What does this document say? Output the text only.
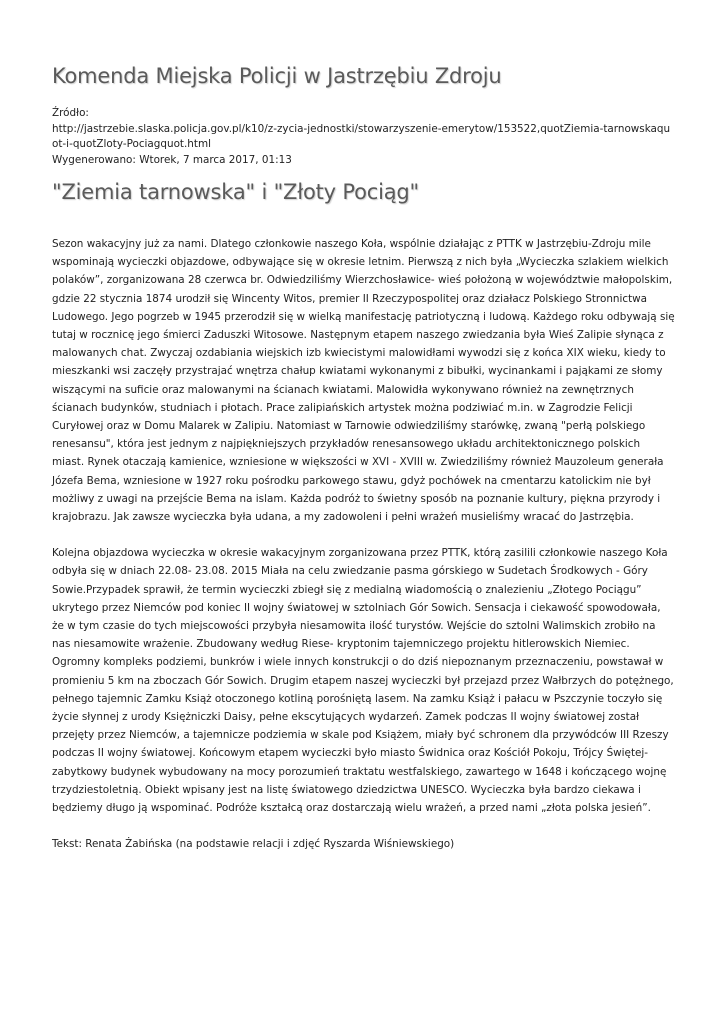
Komenda Miejska Policji w Jastrzębiu Zdroju
Źródło:
http://jastrzebie.slaska.policja.gov.pl/k10/z-zycia-jednostki/stowarzyszenie-emerytow/153522,quotZiemia-tarnowskaquot-i-quotZloty-Pociagquot.html
Wygenerowano: Wtorek, 7 marca 2017, 01:13
"Ziemia tarnowska" i "Złoty Pociąg"

Sezon wakacyjny już za nami. Dlatego członkowie naszego Koła, wspólnie działając z PTTK w Jastrzębiu-Zdroju mile wspominają wycieczki objazdowe, odbywające się w okresie letnim. Pierwszą z nich była „Wycieczka szlakiem wielkich polaków”, zorganizowana 28 czerwca br. Odwiedziliśmy Wierzchosławice- wieś położoną w województwie małopolskim, gdzie 22 stycznia 1874 urodził się Wincenty Witos, premier II Rzeczypospolitej oraz działacz Polskiego Stronnictwa Ludowego. Jego pogrzeb w 1945 przerodził się w wielką manifestację patriotyczną i ludową. Każdego roku odbywają się tutaj w rocznicę jego śmierci Zaduszki Witosowe. Następnym etapem naszego zwiedzania była Wieś Zalipie słynąca z malowanych chat. Zwyczaj ozdabiania wiejskich izb kwiecistymi malowidłami wywodzi się z końca XIX wieku, kiedy to mieszkanki wsi zaczęły przystrajać wnętrza chałup kwiatami wykonanymi z bibułki, wycinankami i pająkami ze słomy wiszącymi na suficie oraz malowanymi na ścianach kwiatami. Malowidła wykonywano również na zewnętrznych ścianach budynków, studniach i płotach. Prace zalipiańskich artystek można podziwiać m.in. w Zagrodzie Felicji Curyłowej oraz w Domu Malarek w Zalipiu. Natomiast w Tarnowie odwiedziliśmy starówkę, zwaną "perłą polskiego renesansu", która jest jednym z najpiękniejszych przykładów renesansowego układu architektonicznego polskich miast. Rynek otaczają kamienice, wzniesione w większości w XVI - XVIII w. Zwiedziliśmy również Mauzoleum generała Józefa Bema, wzniesione w 1927 roku pośrodku parkowego stawu, gdyż pochówek na cmentarzu katolickim nie był możliwy z uwagi na przejście Bema na islam. Każda podróż to świetny sposób na poznanie kultury, piękna przyrody i krajobrazu. Jak zawsze wycieczka była udana, a my zadowoleni i pełni wrażeń musieliśmy wracać do Jastrzębia.

Kolejna objazdowa wycieczka w okresie wakacyjnym zorganizowana przez PTTK, którą zasilili członkowie naszego Koła odbyła się w dniach 22.08- 23.08. 2015 Miała na celu zwiedzanie pasma górskiego w Sudetach Środkowych - Góry Sowie.Przypadek sprawił, że termin wycieczki zbiegł się z medialną wiadomością o znalezieniu „Złotego Pociągu” ukrytego przez Niemców pod koniec II wojny światowej w sztolniach Gór Sowich. Sensacja i ciekawość spowodowała, że w tym czasie do tych miejscowości przybyła niesamowita ilość turystów. Wejście do sztolni Walimskich zrobiło na nas niesamowite wrażenie. Zbudowany według Riese- kryptonim tajemniczego projektu hitlerowskich Niemiec. Ogromny kompleks podziemi, bunkrów i wiele innych konstrukcji o do dziś niepoznanym przeznaczeniu, powstawał w promieniu 5 km na zboczach Gór Sowich. Drugim etapem naszej wycieczki był przejazd przez Wałbrzych do potężnego, pełnego tajemnic Zamku Książ otoczonego kotliną porośniętą lasem. Na zamku Książ i pałacu w Pszczynie toczyło się życie słynnej z urody Księżniczki Daisy, pełne ekscytujących wydarzeń. Zamek podczas II wojny światowej został przejęty przez Niemców, a tajemnicze podziemia w skale pod Książem, miały być schronem dla przywódców III Rzeszy podczas II wojny światowej. Końcowym etapem wycieczki było miasto Świdnica oraz Kościół Pokoju, Trójcy Świętej- zabytkowy budynek wybudowany na mocy porozumień traktatu westfalskiego, zawartego w 1648 i kończącego wojnę trzydziestoletnią. Obiekt wpisany jest na listę światowego dziedzictwa UNESCO. Wycieczka była bardzo ciekawa i będziemy długo ją wspominać. Podróże kształcą oraz dostarczają wielu wrażeń, a przed nami „złota polska jesień”.

Tekst: Renata Żabińska (na podstawie relacji i zdjęć Ryszarda Wiśniewskiego)
